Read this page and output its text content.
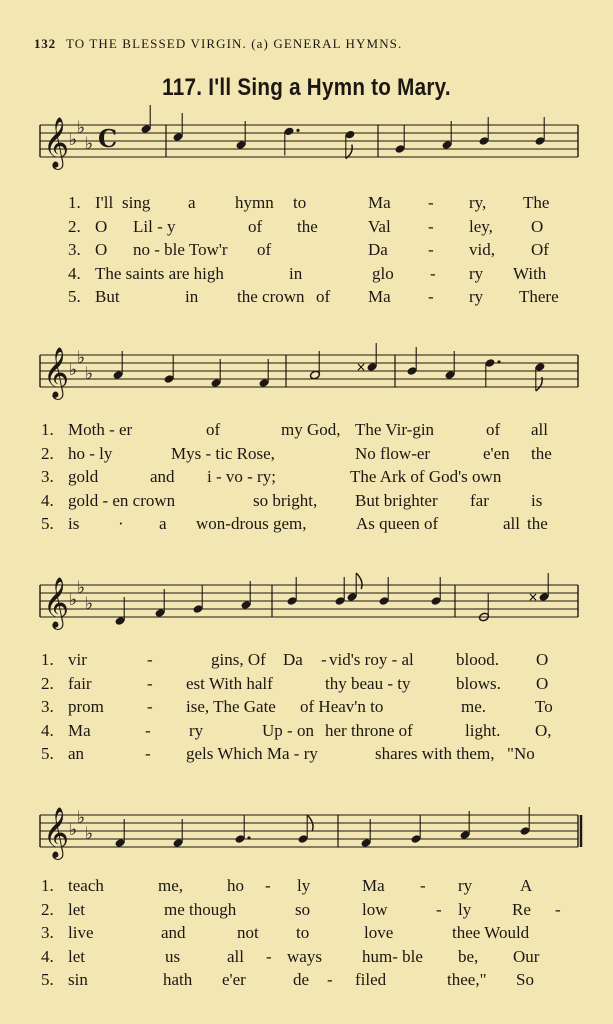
132 TO THE BLESSED VIRGIN. (a) GENERAL HYMNS.
117. I'll Sing a Hymn to Mary.
𝄞 ♭
♭
♭ C
1. I'll sing a hymn to	Ma - ry, The
2. O Lil - y	of the	Val - ley, O
3. O no - ble Tow'r of	Da - vid, Of
4. The saints are high	in	glo - ry With
5. But	in the crown of Ma - ry There
𝄞 ♭
♭
♭	×
1. Moth - er	of	my God, The Vir-gin	of all
2. ho - ly	Mys - tic Rose,	No flow-er	e'en the
3. gold	and i - vo - ry;	The Ark of God's own
4. gold - en crown	so bright, But brighter far is
5. is · a won-drous gem,	As queen of	all the
𝄞 ♭
♭
♭	×
1. vir	-	gins, Of Da - vid's roy - al blood. O
2. fair	- est With half	thy beau - ty	blows. O
3. prom	- ise, The Gate of Heav'n to	me.	To
4. Ma	- ry	Up - on her throne of	light. O,
5. an	- gels Which Ma - ry	shares with them, "No
𝄞 ♭
♭
♭
1. teach	me,	ho - ly	Ma - ry	A
2. let	me though	so	low	- ly Re -
3. live	and	not to	love	thee Would
4. let	us	all - ways hum- ble be, Our
5. sin	hath e'er	de - filed	thee," So
